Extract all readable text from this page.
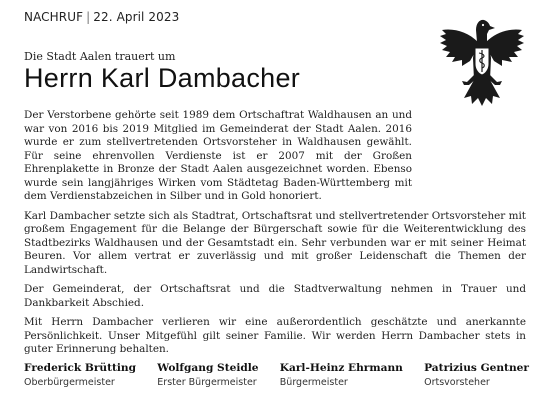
NACHRUF | 22. April 2023
Die Stadt Aalen trauert um
Herrn Karl Dambacher

Der Verstorbene gehörte seit 1989 dem Ortschaftrat Waldhausen an und war von 2016 bis 2019 Mitglied im Gemeinderat der Stadt Aalen. 2016 wurde er zum stellvertretenden Ortsvorsteher in Waldhausen gewählt. Für seine ehrenvollen Verdienste ist er 2007 mit der Großen Ehrenplakette in Bronze der Stadt Aalen ausgezeichnet worden. Ebenso wurde sein langjähriges Wirken vom Städtetag Baden-Württemberg mit dem Verdienstabzeichen in Silber und in Gold honoriert.

Karl Dambacher setzte sich als Stadtrat, Ortschaftsrat und stellvertretender Ortsvorsteher mit großem Engagement für die Belange der Bürgerschaft sowie für die Weiterentwicklung des Stadtbezirks Waldhausen und der Gesamtstadt ein. Sehr verbunden war er mit seiner Heimat Beuren. Vor allem vertrat er zuverlässig und mit großer Leidenschaft die Themen der Landwirtschaft.

Der Gemeinderat, der Ortschaftsrat und die Stadtverwaltung nehmen in Trauer und Dankbarkeit Abschied.

Mit Herrn Dambacher verlieren wir eine außerordentlich geschätzte und anerkannte Persönlichkeit. Unser Mitgefühl gilt seiner Familie. Wir werden Herrn Dambacher stets in guter Erinnerung behalten.

Frederick Brütting
Oberbürgermeister
Wolfgang Steidle
Erster Bürgermeister
Karl-Heinz Ehrmann
Bürgermeister
Patrizius Gentner
Ortsvorsteher
